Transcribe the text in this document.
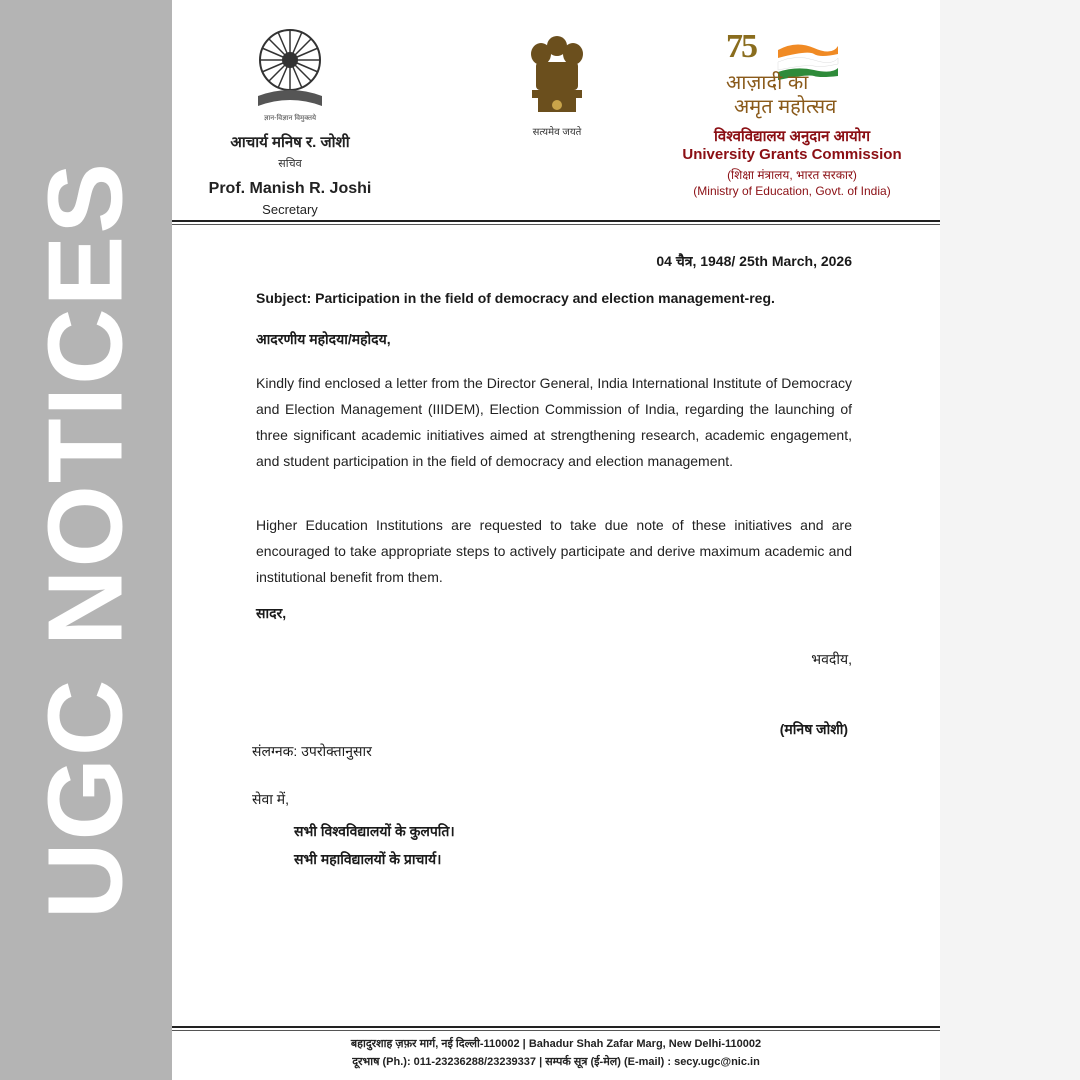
UGC NOTICES
ज्ञान-विज्ञान विमुक्तये
आचार्य मनिष र. जोशी
सचिव
Prof. Manish R. Joshi
Secretary
सत्यमेव जयते
75
आज़ादी का
अमृत महोत्सव
विश्वविद्यालय अनुदान आयोग
University Grants Commission
(शिक्षा मंत्रालय, भारत सरकार)
(Ministry of Education, Govt. of India)
04 चैत्र, 1948/ 25th March, 2026
Subject: Participation in the field of democracy and election management-reg.
आदरणीय महोदया/महोदय,
Kindly find enclosed a letter from the Director General, India International Institute of Democracy and Election Management (IIIDEM), Election Commission of India, regarding the launching of three significant academic initiatives aimed at strengthening research, academic engagement, and student participation in the field of democracy and election management.
Higher Education Institutions are requested to take due note of these initiatives and are encouraged to take appropriate steps to actively participate and derive maximum academic and institutional benefit from them.
सादर,
भवदीय,
(मनिष जोशी)
संलग्नक: उपरोक्तानुसार
सेवा में,
सभी विश्वविद्यालयों के कुलपति।
सभी महाविद्यालयों के प्राचार्य।
बहादुरशाह ज़फ़र मार्ग, नई दिल्ली-110002 | Bahadur Shah Zafar Marg, New Delhi-110002
दूरभाष (Ph.): 011-23236288/23239337 | सम्पर्क सूत्र (ई-मेल) (E-mail) : secy.ugc@nic.in
